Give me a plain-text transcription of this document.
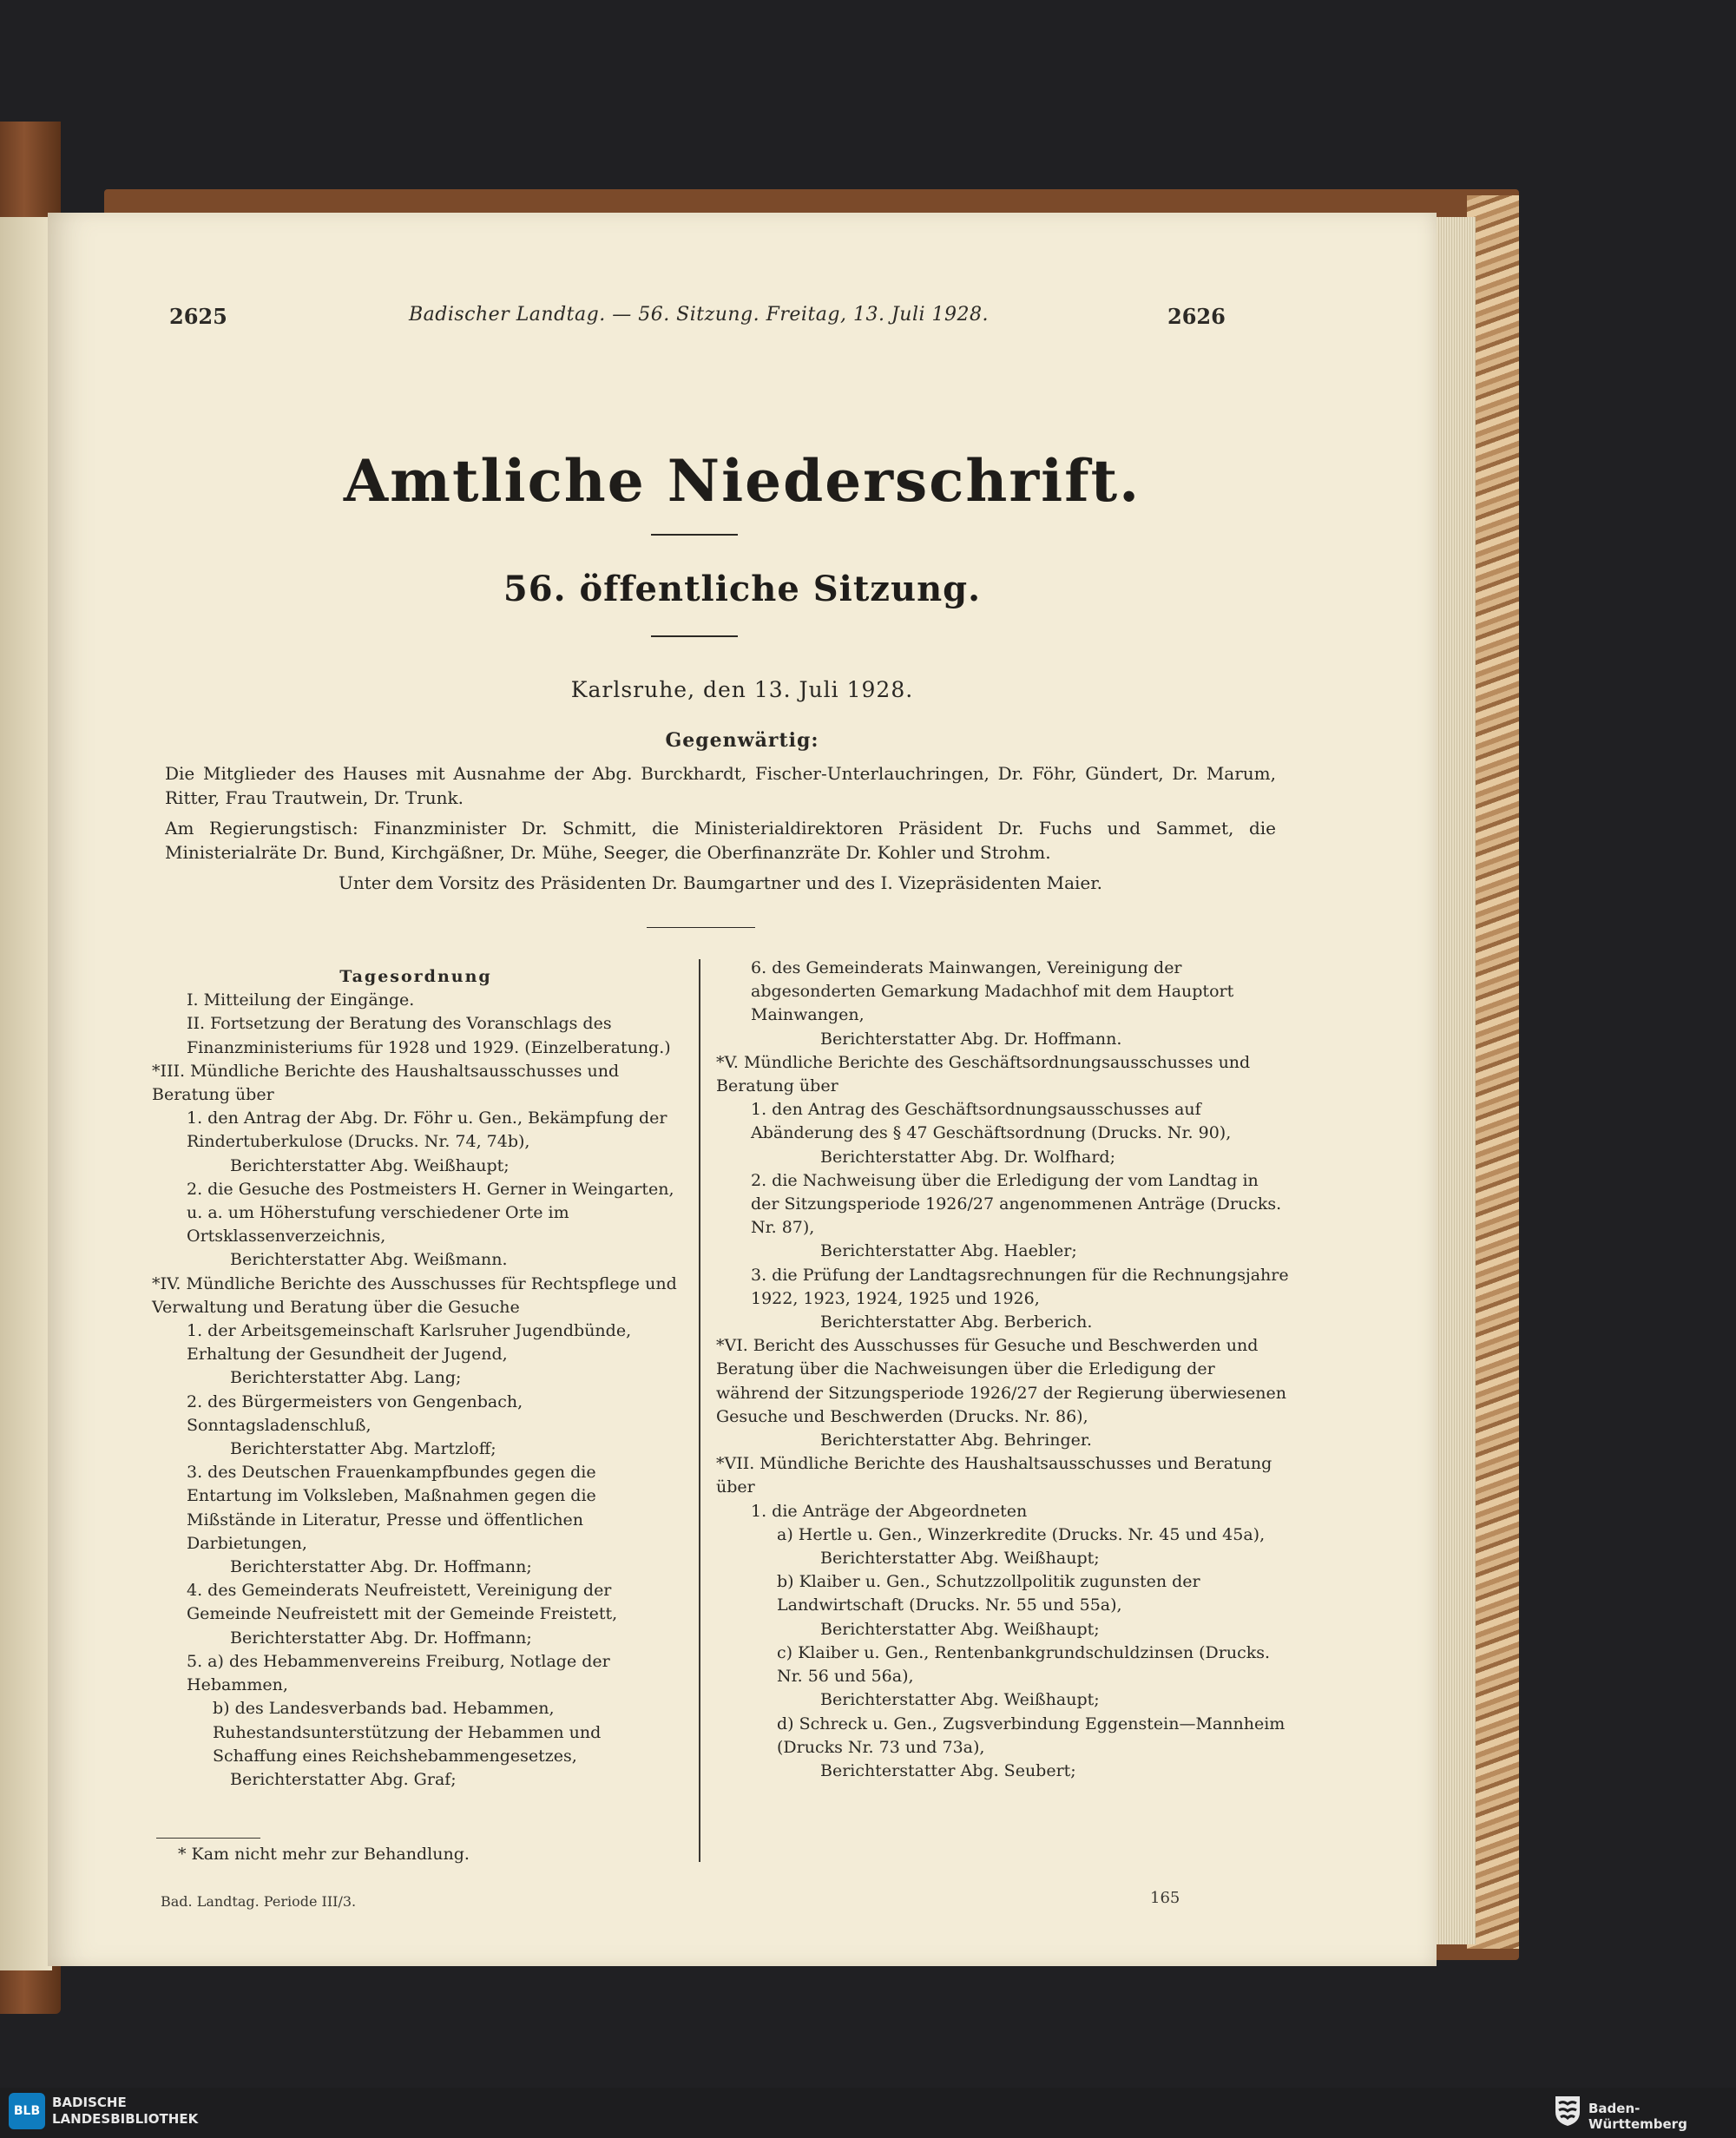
2625	Badischer Landtag. — 56. Sitzung. Freitag, 13. Juli 1928.	2626
Amtliche Niederschrift.
56. öffentliche Sitzung.
Karlsruhe, den 13. Juli 1928.
Gegenwärtig:
Die Mitglieder des Hauses mit Ausnahme der Abg. Burckhardt, Fischer-Unterlauchringen, Dr. Föhr, Gündert, Dr. Marum, Ritter, Frau Trautwein, Dr. Trunk.
Am Regierungstisch: Finanzminister Dr. Schmitt, die Ministerialdirektoren Präsident Dr. Fuchs und Sammet, die Ministerialräte Dr. Bund, Kirchgäßner, Dr. Mühe, Seeger, die Oberfinanzräte Dr. Kohler und Strohm.
Unter dem Vorsitz des Präsidenten Dr. Baumgartner und des I. Vizepräsidenten Maier.

Tagesordnung

I. Mitteilung der Eingänge.

II. Fortsetzung der Beratung des Voranschlags des Finanzministeriums für 1928 und 1929. (Einzelberatung.)

*III. Mündliche Berichte des Haushaltsausschusses und Beratung über

1. den Antrag der Abg. Dr. Föhr u. Gen., Bekämpfung der Rindertuberkulose (Drucks. Nr. 74, 74b),

Berichterstatter Abg. Weißhaupt;

2. die Gesuche des Postmeisters H. Gerner in Weingarten, u. a. um Höherstufung verschiedener Orte im Ortsklassenverzeichnis,

Berichterstatter Abg. Weißmann.

*IV. Mündliche Berichte des Ausschusses für Rechtspflege und Verwaltung und Beratung über die Gesuche

1. der Arbeitsgemeinschaft Karlsruher Jugendbünde, Erhaltung der Gesundheit der Jugend,

Berichterstatter Abg. Lang;

2. des Bürgermeisters von Gengenbach, Sonntagsladenschluß,

Berichterstatter Abg. Martzloff;

3. des Deutschen Frauenkampfbundes gegen die Entartung im Volksleben, Maßnahmen gegen die Mißstände in Literatur, Presse und öffentlichen Darbietungen,

Berichterstatter Abg. Dr. Hoffmann;

4. des Gemeinderats Neufreistett, Vereinigung der Gemeinde Neufreistett mit der Gemeinde Freistett,

Berichterstatter Abg. Dr. Hoffmann;

5. a) des Hebammenvereins Freiburg, Notlage der Hebammen,

b) des Landesverbands bad. Hebammen, Ruhestandsunterstützung der Hebammen und Schaffung eines Reichshebammengesetzes,

Berichterstatter Abg. Graf;

6. des Gemeinderats Mainwangen, Vereinigung der abgesonderten Gemarkung Madachhof mit dem Hauptort Mainwangen,

Berichterstatter Abg. Dr. Hoffmann.

*V. Mündliche Berichte des Geschäftsordnungsausschusses und Beratung über

1. den Antrag des Geschäftsordnungsausschusses auf Abänderung des § 47 Geschäftsordnung (Drucks. Nr. 90),

Berichterstatter Abg. Dr. Wolfhard;

2. die Nachweisung über die Erledigung der vom Landtag in der Sitzungsperiode 1926/27 angenommenen Anträge (Drucks. Nr. 87),

Berichterstatter Abg. Haebler;

3. die Prüfung der Landtagsrechnungen für die Rechnungsjahre 1922, 1923, 1924, 1925 und 1926,

Berichterstatter Abg. Berberich.

*VI. Bericht des Ausschusses für Gesuche und Beschwerden und Beratung über die Nachweisungen über die Erledigung der während der Sitzungsperiode 1926/27 der Regierung überwiesenen Gesuche und Beschwerden (Drucks. Nr. 86),

Berichterstatter Abg. Behringer.

*VII. Mündliche Berichte des Haushaltsausschusses und Beratung über

1. die Anträge der Abgeordneten

a) Hertle u. Gen., Winzerkredite (Drucks. Nr. 45 und 45a),

Berichterstatter Abg. Weißhaupt;

b) Klaiber u. Gen., Schutzzollpolitik zugunsten der Landwirtschaft (Drucks. Nr. 55 und 55a),

Berichterstatter Abg. Weißhaupt;

c) Klaiber u. Gen., Rentenbankgrundschuldzinsen (Drucks. Nr. 56 und 56a),

Berichterstatter Abg. Weißhaupt;

d) Schreck u. Gen., Zugsverbindung Eggenstein—Mannheim (Drucks Nr. 73 und 73a),

Berichterstatter Abg. Seubert;

* Kam nicht mehr zur Behandlung.
Bad. Landtag. Periode III/3.	165
BLB
BADISCHE
LANDESBIBLIOTHEK
Baden-Württemberg
